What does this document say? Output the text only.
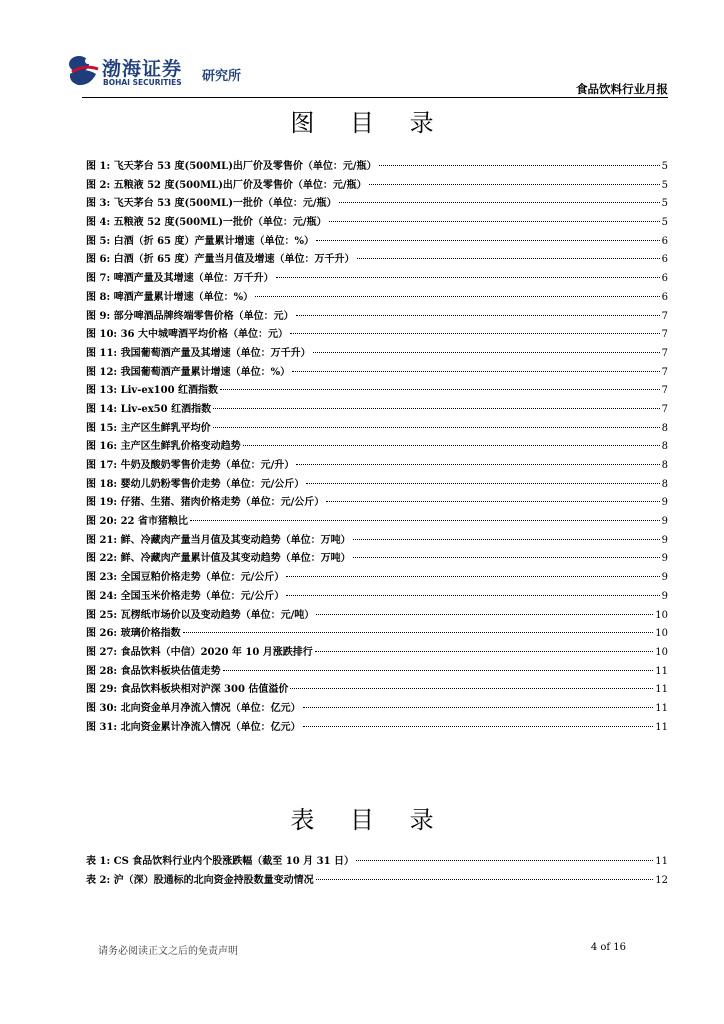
渤海证券
BOHAI SECURITIES 研究所
食品饮料行业月报
图 目 录
图 1: 飞天茅台 53 度(500ML)出厂价及零售价（单位：元/瓶）	5
图 2: 五粮液 52 度(500ML)出厂价及零售价（单位：元/瓶）	5
图 3: 飞天茅台 53 度(500ML)一批价（单位：元/瓶）	5
图 4: 五粮液 52 度(500ML)一批价（单位：元/瓶）	5
图 5: 白酒（折 65 度）产量累计增速（单位：%）	6
图 6: 白酒（折 65 度）产量当月值及增速（单位：万千升）	6
图 7: 啤酒产量及其增速（单位：万千升）	6
图 8: 啤酒产量累计增速（单位：%）	6
图 9: 部分啤酒品牌终端零售价格（单位：元）	7
图 10: 36 大中城啤酒平均价格（单位：元）	7
图 11: 我国葡萄酒产量及其增速（单位：万千升）	7
图 12: 我国葡萄酒产量累计增速（单位：%）	7
图 13: Liv-ex100 红酒指数	7
图 14: Liv-ex50 红酒指数	7
图 15: 主产区生鲜乳平均价	8
图 16: 主产区生鲜乳价格变动趋势	8
图 17: 牛奶及酸奶零售价走势（单位：元/升）	8
图 18: 婴幼儿奶粉零售价走势（单位：元/公斤）	8
图 19: 仔猪、生猪、猪肉价格走势（单位：元/公斤）	9
图 20: 22 省市猪粮比	9
图 21: 鲜、冷藏肉产量当月值及其变动趋势（单位：万吨）	9
图 22: 鲜、冷藏肉产量累计值及其变动趋势（单位：万吨）	9
图 23: 全国豆粕价格走势（单位：元/公斤）	9
图 24: 全国玉米价格走势（单位：元/公斤）	9
图 25: 瓦楞纸市场价以及变动趋势（单位：元/吨）	10
图 26: 玻璃价格指数	10
图 27: 食品饮料（中信）2020 年 10 月涨跌排行	10
图 28: 食品饮料板块估值走势	11
图 29: 食品饮料板块相对沪深 300 估值溢价	11
图 30: 北向资金单月净流入情况（单位：亿元）	11
图 31: 北向资金累计净流入情况（单位：亿元）	11
表 目 录
表 1: CS 食品饮料行业内个股涨跌幅（截至 10 月 31 日）	11
表 2: 沪（深）股通标的北向资金持股数量变动情况	12
请务必阅读正文之后的免责声明	4 of 16
